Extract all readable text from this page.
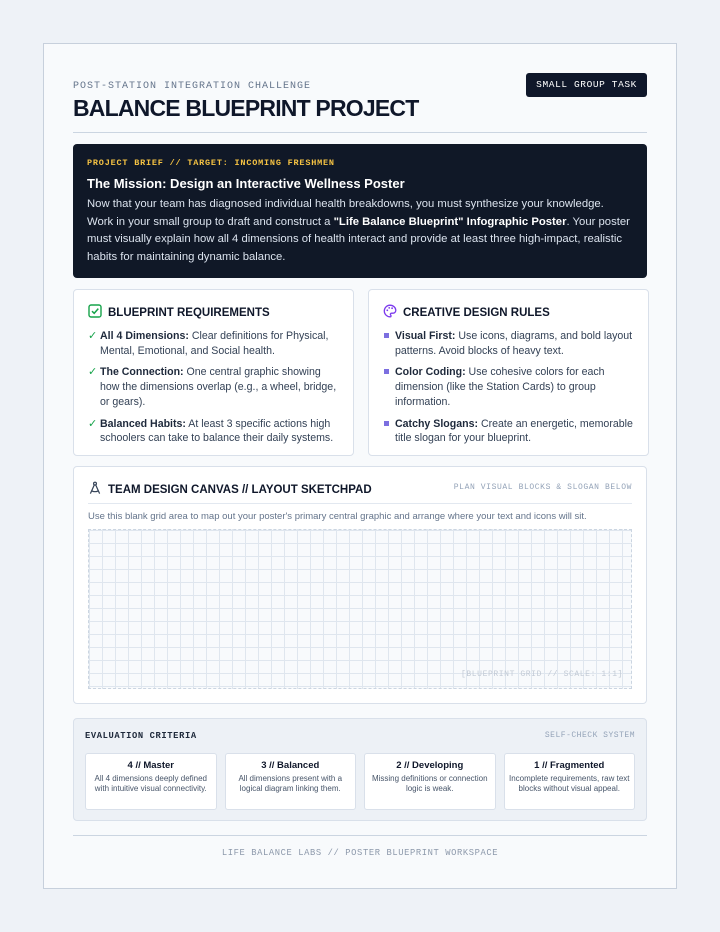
POST-STATION INTEGRATION CHALLENGE
BALANCE BLUEPRINT PROJECT
SMALL GROUP TASK
PROJECT BRIEF // TARGET: INCOMING FRESHMEN
The Mission: Design an Interactive Wellness Poster
Now that your team has diagnosed individual health breakdowns, you must synthesize your knowledge. Work in your small group to draft and construct a "Life Balance Blueprint" Infographic Poster. Your poster must visually explain how all 4 dimensions of health interact and provide at least three high-impact, realistic habits for maintaining dynamic balance.
BLUEPRINT REQUIREMENTS
✓ All 4 Dimensions: Clear definitions for Physical, Mental, Emotional, and Social health.
✓ The Connection: One central graphic showing how the dimensions overlap (e.g., a wheel, bridge, or gears).
✓ Balanced Habits: At least 3 specific actions high schoolers can take to balance their daily systems.
CREATIVE DESIGN RULES
Visual First: Use icons, diagrams, and bold layout patterns. Avoid blocks of heavy text.
Color Coding: Use cohesive colors for each dimension (like the Station Cards) to group information.
Catchy Slogans: Create an energetic, memorable title slogan for your blueprint.
TEAM DESIGN CANVAS // LAYOUT SKETCHPAD	PLAN VISUAL BLOCKS & SLOGAN BELOW
Use this blank grid area to map out your poster's primary central graphic and arrange where your text and icons will sit.
[BLUEPRINT GRID // SCALE: 1:1]
EVALUATION CRITERIA	SELF-CHECK SYSTEM
4 // Master
All 4 dimensions deeply defined with intuitive visual connectivity.
3 // Balanced
All dimensions present with a logical diagram linking them.
2 // Developing
Missing definitions or connection logic is weak.
1 // Fragmented
Incomplete requirements, raw text blocks without visual appeal.
LIFE BALANCE LABS // POSTER BLUEPRINT WORKSPACE
